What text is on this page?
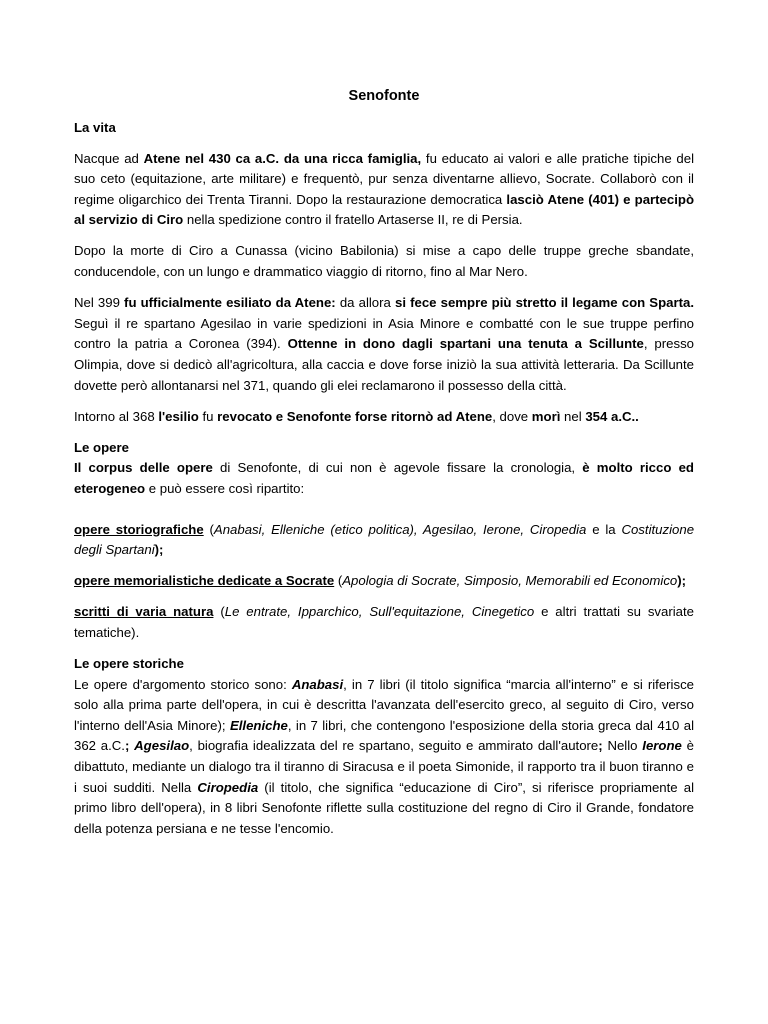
Senofonte
La vita

Nacque ad Atene nel 430 ca a.C. da una ricca famiglia, fu educato ai valori e alle pratiche tipiche del suo ceto (equitazione, arte militare) e frequentò, pur senza diventarne allievo, Socrate. Collaborò con il regime oligarchico dei Trenta Tiranni. Dopo la restaurazione democratica lasciò Atene (401) e partecipò al servizio di Ciro nella spedizione contro il fratello Artaserse II, re di Persia.

Dopo la morte di Ciro a Cunassa (vicino Babilonia) si mise a capo delle truppe greche sbandate, conducendole, con un lungo e drammatico viaggio di ritorno, fino al Mar Nero.

Nel 399 fu ufficialmente esiliato da Atene: da allora si fece sempre più stretto il legame con Sparta. Seguì il re spartano Agesilao in varie spedizioni in Asia Minore e combatté con le sue truppe perfino contro la patria a Coronea (394). Ottenne in dono dagli spartani una tenuta a Scillunte, presso Olimpia, dove si dedicò all'agricoltura, alla caccia e dove forse iniziò la sua attività letteraria. Da Scillunte dovette però allontanarsi nel 371, quando gli elei reclamarono il possesso della città.

Intorno al 368 l'esilio fu revocato e Senofonte forse ritornò ad Atene, dove morì nel 354 a.C..

Le opere

Il corpus delle opere di Senofonte, di cui non è agevole fissare la cronologia, è molto ricco ed eterogeneo e può essere così ripartito:

opere storiografiche (Anabasi, Elleniche (etico politica), Agesilao, Ierone, Ciropedia e la Costituzione degli Spartani);

opere memorialistiche dedicate a Socrate (Apologia di Socrate, Simposio, Memorabili ed Economico);

scritti di varia natura (Le entrate, Ipparchico, Sull'equitazione, Cinegetico e altri trattati su svariate tematiche).

Le opere storiche

Le opere d'argomento storico sono: Anabasi, in 7 libri (il titolo significa “marcia all'interno” e si riferisce solo alla prima parte dell'opera, in cui è descritta l'avanzata dell'esercito greco, al seguito di Ciro, verso l'interno dell'Asia Minore); Elleniche, in 7 libri, che contengono l'esposizione della storia greca dal 410 al 362 a.C.; Agesilao, biografia idealizzata del re spartano, seguito e ammirato dall'autore; Nello Ierone è dibattuto, mediante un dialogo tra il tiranno di Siracusa e il poeta Simonide, il rapporto tra il buon tiranno e i suoi sudditi. Nella Ciropedia (il titolo, che significa “educazione di Ciro”, si riferisce propriamente al primo libro dell'opera), in 8 libri Senofonte riflette sulla costituzione del regno di Ciro il Grande, fondatore della potenza persiana e ne tesse l'encomio.
